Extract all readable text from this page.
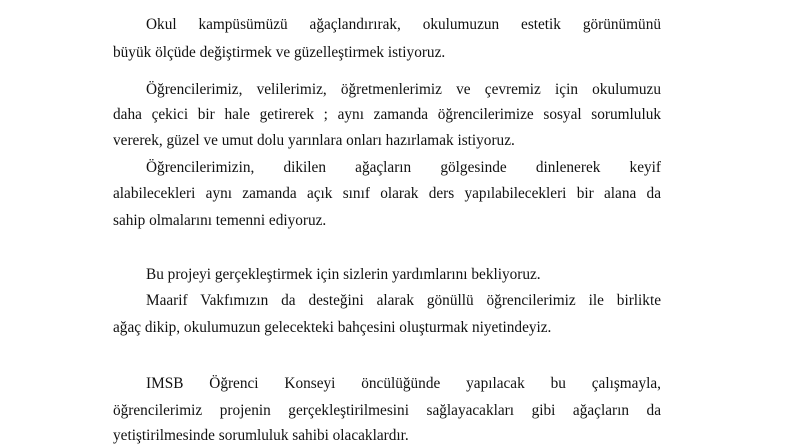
Okul kampüsümüzü ağaçlandırırak, okulumuzun estetik görünümünü
büyük ölçüde değiştirmek ve güzelleştirmek istiyoruz.
Öğrencilerimiz, velilerimiz, öğretmenlerimiz ve çevremiz için okulumuzu
daha çekici bir hale getirerek ; aynı zamanda öğrencilerimize sosyal sorumluluk
vererek, güzel ve umut dolu yarınlara onları hazırlamak istiyoruz.
Öğrencilerimizin, dikilen ağaçların gölgesinde dinlenerek keyif
alabilecekleri aynı zamanda açık sınıf olarak ders yapılabilecekleri bir alana da
sahip olmalarını temenni ediyoruz.
Bu projeyi gerçekleştirmek için sizlerin yardımlarını bekliyoruz.
Maarif Vakfımızın da desteğini alarak gönüllü öğrencilerimiz ile birlikte
ağaç dikip, okulumuzun gelecekteki bahçesini oluşturmak niyetindeyiz.
IMSB Öğrenci Konseyi öncülüğünde yapılacak bu çalışmayla,
öğrencilerimiz projenin gerçekleştirilmesini sağlayacakları gibi ağaçların da
yetiştirilmesinde sorumluluk sahibi olacaklardır.
